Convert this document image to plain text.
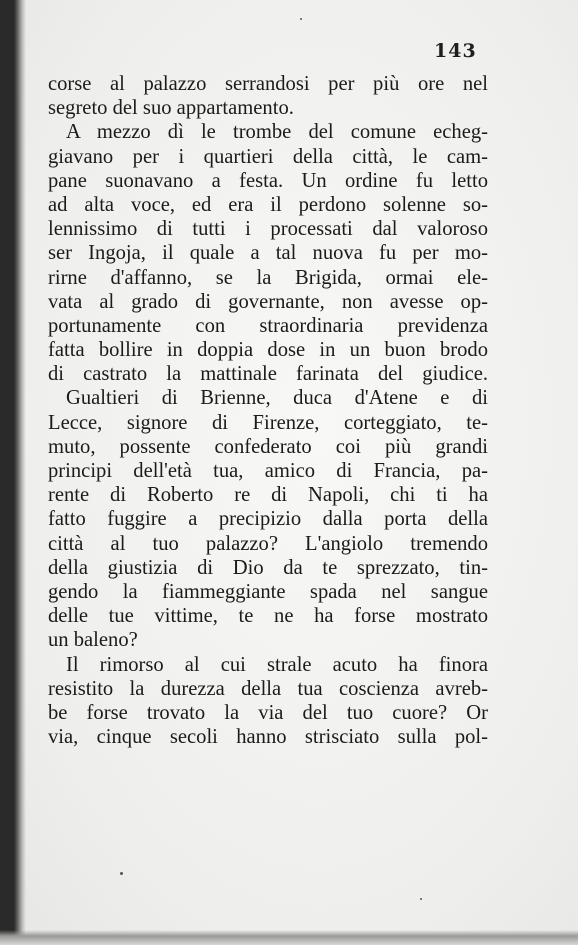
143
corse al palazzo serrandosi per più ore nel
segreto del suo appartamento.
A mezzo dì le trombe del comune echeg-
giavano per i quartieri della città, le cam-
pane suonavano a festa. Un ordine fu letto
ad alta voce, ed era il perdono solenne so-
lennissimo di tutti i processati dal valoroso
ser Ingoja, il quale a tal nuova fu per mo-
rirne d'affanno, se la Brigida, ormai ele-
vata al grado di governante, non avesse op-
portunamente con straordinaria previdenza
fatta bollire in doppia dose in un buon brodo
di castrato la mattinale farinata del giudice.
Gualtieri di Brienne, duca d'Atene e di
Lecce, signore di Firenze, corteggiato, te-
muto, possente confederato coi più grandi
principi dell'età tua, amico di Francia, pa-
rente di Roberto re di Napoli, chi ti ha
fatto fuggire a precipizio dalla porta della
città al tuo palazzo? L'angiolo tremendo
della giustizia di Dio da te sprezzato, tin-
gendo la fiammeggiante spada nel sangue
delle tue vittime, te ne ha forse mostrato
un baleno?
Il rimorso al cui strale acuto ha finora
resistito la durezza della tua coscienza avreb-
be forse trovato la via del tuo cuore? Or
via, cinque secoli hanno strisciato sulla pol-
